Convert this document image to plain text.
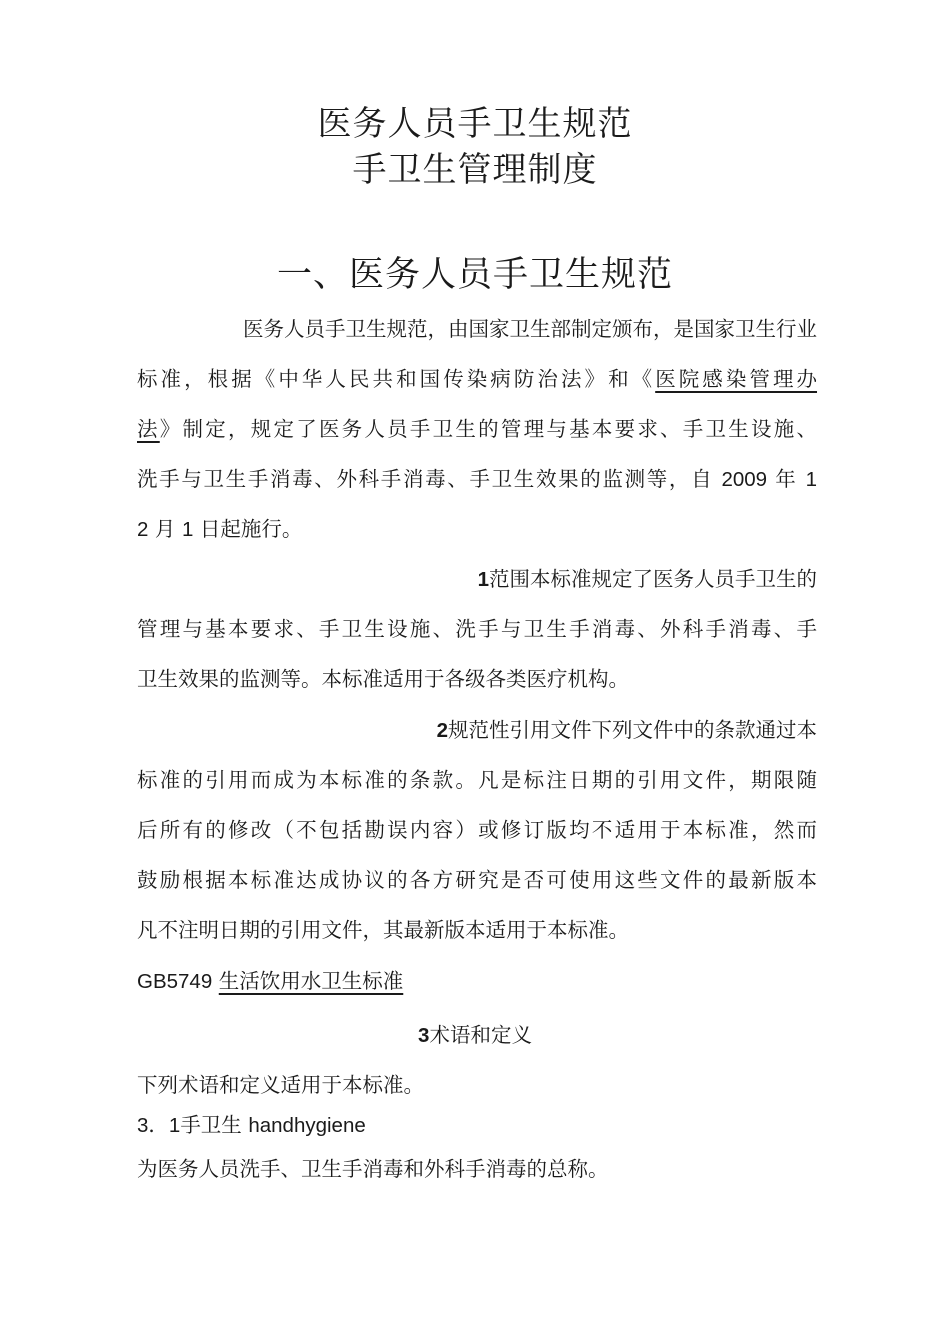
医务人员手卫生规范
手卫生管理制度
一、医务人员手卫生规范
医务人员手卫生规范，由国家卫生部制定颁布，是国家卫生行业
标准，根据《中华人民共和国传染病防治法》和《医院感染管理办
法》制定，规定了医务人员手卫生的管理与基本要求、手卫生设施、
洗手与卫生手消毒、外科手消毒、手卫生效果的监测等，自 2009 年 1
2 月 1 日起施行。
1范围本标准规定了医务人员手卫生的
管理与基本要求、手卫生设施、洗手与卫生手消毒、外科手消毒、手
卫生效果的监测等。本标准适用于各级各类医疗机构。
2规范性引用文件下列文件中的条款通过本
标准的引用而成为本标准的条款。凡是标注日期的引用文件，期限随
后所有的修改（不包括勘误内容）或修订版均不适用于本标准，然而
鼓励根据本标准达成协议的各方研究是否可使用这些文件的最新版本
凡不注明日期的引用文件，其最新版本适用于本标准。
GB5749 生活饮用水卫生标准
3术语和定义
下列术语和定义适用于本标准。
3．1手卫生 handhygiene
为医务人员洗手、卫生手消毒和外科手消毒的总称。
